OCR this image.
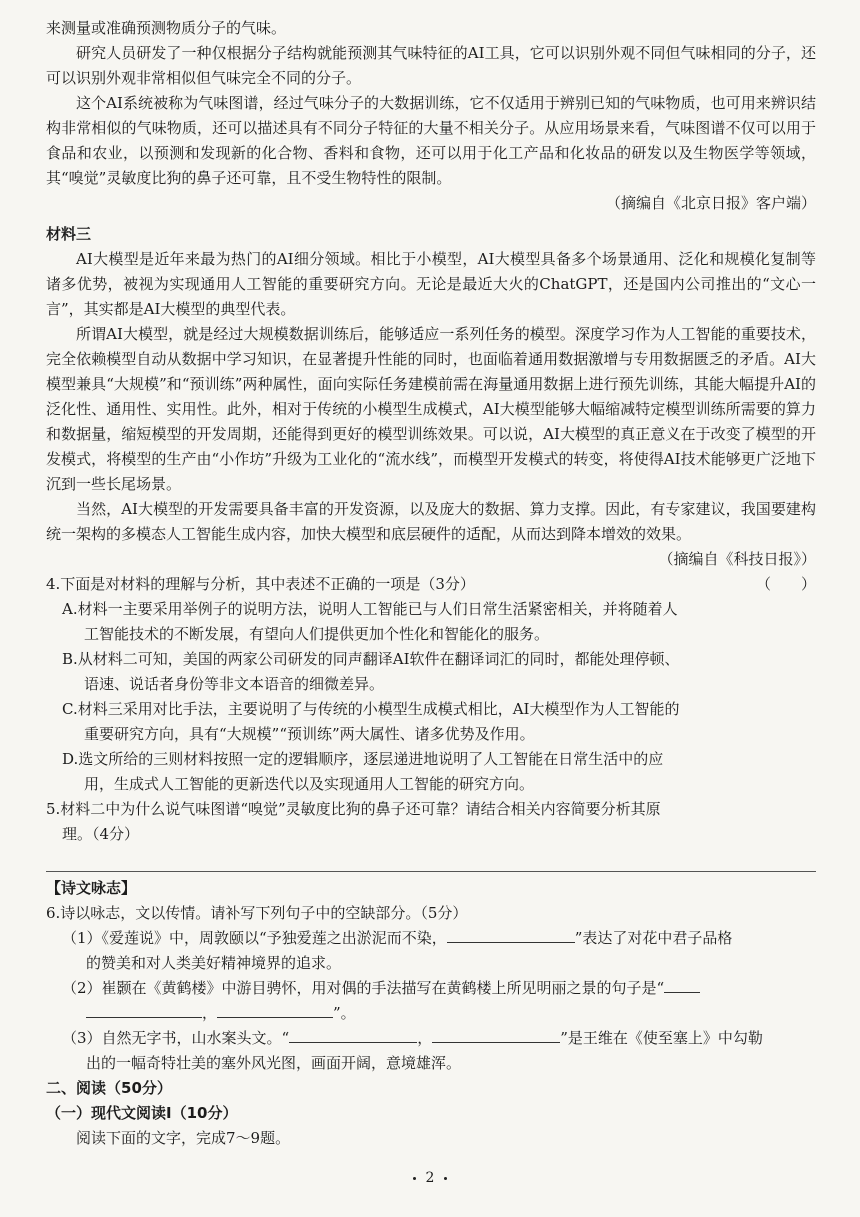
来测量或准确预测物质分子的气味。

研究人员研发了一种仅根据分子结构就能预测其气味特征的AI工具，它可以识别外观不同但气味相同的分子，还可以识别外观非常相似但气味完全不同的分子。

这个AI系统被称为气味图谱，经过气味分子的大数据训练，它不仅适用于辨别已知的气味物质，也可用来辨识结构非常相似的气味物质，还可以描述具有不同分子特征的大量不相关分子。从应用场景来看，气味图谱不仅可以用于食品和农业，以预测和发现新的化合物、香料和食物，还可以用于化工产品和化妆品的研发以及生物医学等领域，其“嗅觉”灵敏度比狗的鼻子还可靠，且不受生物特性的限制。

（摘编自《北京日报》客户端）

材料三

AI大模型是近年来最为热门的AI细分领域。相比于小模型，AI大模型具备多个场景通用、泛化和规模化复制等诸多优势，被视为实现通用人工智能的重要研究方向。无论是最近大火的ChatGPT，还是国内公司推出的“文心一言”，其实都是AI大模型的典型代表。

所谓AI大模型，就是经过大规模数据训练后，能够适应一系列任务的模型。深度学习作为人工智能的重要技术，完全依赖模型自动从数据中学习知识，在显著提升性能的同时，也面临着通用数据激增与专用数据匮乏的矛盾。AI大模型兼具“大规模”和“预训练”两种属性，面向实际任务建模前需在海量通用数据上进行预先训练，其能大幅提升AI的泛化性、通用性、实用性。此外，相对于传统的小模型生成模式，AI大模型能够大幅缩减特定模型训练所需要的算力和数据量，缩短模型的开发周期，还能得到更好的模型训练效果。可以说，AI大模型的真正意义在于改变了模型的开发模式，将模型的生产由“小作坊”升级为工业化的“流水线”，而模型开发模式的转变，将使得AI技术能够更广泛地下沉到一些长尾场景。

当然，AI大模型的开发需要具备丰富的开发资源，以及庞大的数据、算力支撑。因此，有专家建议，我国要建构统一架构的多模态人工智能生成内容，加快大模型和底层硬件的适配，从而达到降本增效的效果。

（摘编自《科技日报》）

4.下面是对材料的理解与分析，其中表述不正确的一项是（3分）	（　　）

A.材料一主要采用举例子的说明方法，说明人工智能已与人们日常生活紧密相关，并将随着人
工智能技术的不断发展，有望向人们提供更加个性化和智能化的服务。

B.从材料二可知，美国的两家公司研发的同声翻译AI软件在翻译词汇的同时，都能处理停顿、
语速、说话者身份等非文本语音的细微差异。

C.材料三采用对比手法，主要说明了与传统的小模型生成模式相比，AI大模型作为人工智能的
重要研究方向，具有“大规模”“预训练”两大属性、诸多优势及作用。

D.选文所给的三则材料按照一定的逻辑顺序，逐层递进地说明了人工智能在日常生活中的应
用，生成式人工智能的更新迭代以及实现通用人工智能的研究方向。

5.材料二中为什么说气味图谱“嗅觉”灵敏度比狗的鼻子还可靠？请结合相关内容简要分析其原
理。（4分）

【诗文咏志】

6.诗以咏志，文以传情。请补写下列句子中的空缺部分。（5分）

（1）《爱莲说》中，周敦颐以“予独爱莲之出淤泥而不染，	”表达了对花中君子品格
的赞美和对人类美好精神境界的追求。

（2）崔颢在《黄鹤楼》中游目骋怀，用对偶的手法描写在黄鹤楼上所见明丽之景的句子是“
，	”。

（3）自然无字书，山水案头文。“	，	”是王维在《使至塞上》中勾勒
出的一幅奇特壮美的塞外风光图，画面开阔，意境雄浑。

二、阅读（50分）

（一）现代文阅读Ⅰ（10分）

阅读下面的文字，完成7～9题。

2
